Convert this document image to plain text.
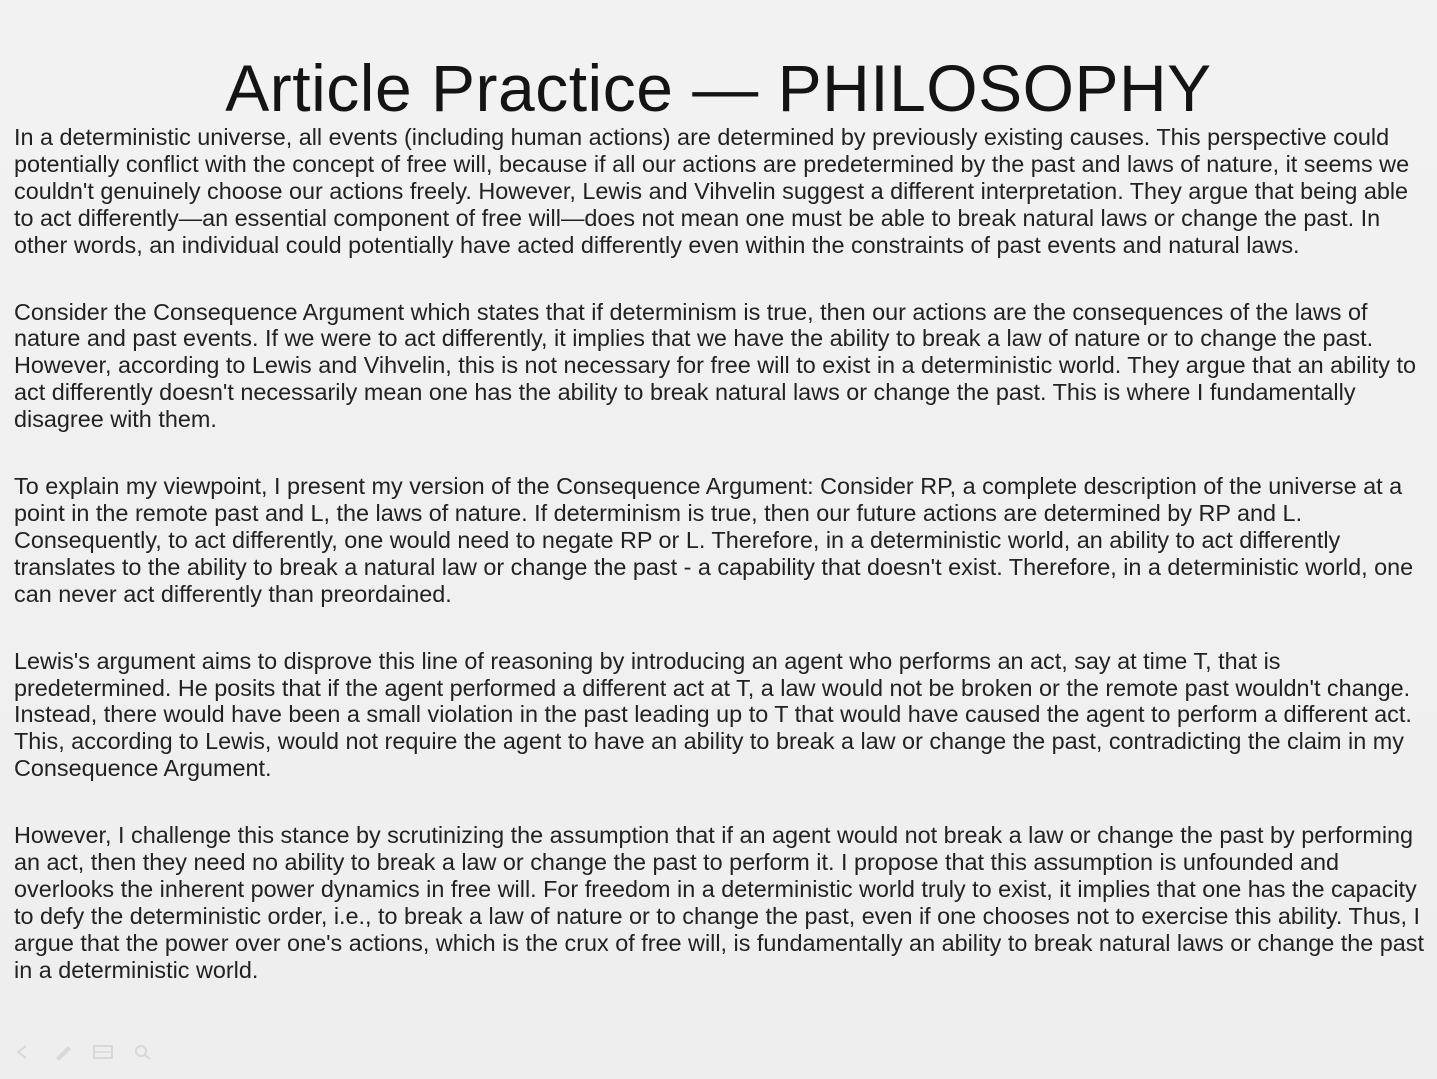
Article Practice — PHILOSOPHY

In a deterministic universe, all events (including human actions) are determined by previously existing causes. This perspective could potentially conflict with the concept of free will, because if all our actions are predetermined by the past and laws of nature, it seems we couldn't genuinely choose our actions freely. However, Lewis and Vihvelin suggest a different interpretation. They argue that being able to act differently—an essential component of free will—does not mean one must be able to break natural laws or change the past. In other words, an individual could potentially have acted differently even within the constraints of past events and natural laws.

Consider the Consequence Argument which states that if determinism is true, then our actions are the consequences of the laws of nature and past events. If we were to act differently, it implies that we have the ability to break a law of nature or to change the past. However, according to Lewis and Vihvelin, this is not necessary for free will to exist in a deterministic world. They argue that an ability to act differently doesn't necessarily mean one has the ability to break natural laws or change the past. This is where I fundamentally disagree with them.

To explain my viewpoint, I present my version of the Consequence Argument: Consider RP, a complete description of the universe at a point in the remote past and L, the laws of nature. If determinism is true, then our future actions are determined by RP and L. Consequently, to act differently, one would need to negate RP or L. Therefore, in a deterministic world, an ability to act differently translates to the ability to break a natural law or change the past - a capability that doesn't exist. Therefore, in a deterministic world, one can never act differently than preordained.

Lewis's argument aims to disprove this line of reasoning by introducing an agent who performs an act, say at time T, that is predetermined. He posits that if the agent performed a different act at T, a law would not be broken or the remote past wouldn't change. Instead, there would have been a small violation in the past leading up to T that would have caused the agent to perform a different act. This, according to Lewis, would not require the agent to have an ability to break a law or change the past, contradicting the claim in my Consequence Argument.

However, I challenge this stance by scrutinizing the assumption that if an agent would not break a law or change the past by performing an act, then they need no ability to break a law or change the past to perform it. I propose that this assumption is unfounded and overlooks the inherent power dynamics in free will. For freedom in a deterministic world truly to exist, it implies that one has the capacity to defy the deterministic order, i.e., to break a law of nature or to change the past, even if one chooses not to exercise this ability. Thus, I argue that the power over one's actions, which is the crux of free will, is fundamentally an ability to break natural laws or change the past in a deterministic world.
